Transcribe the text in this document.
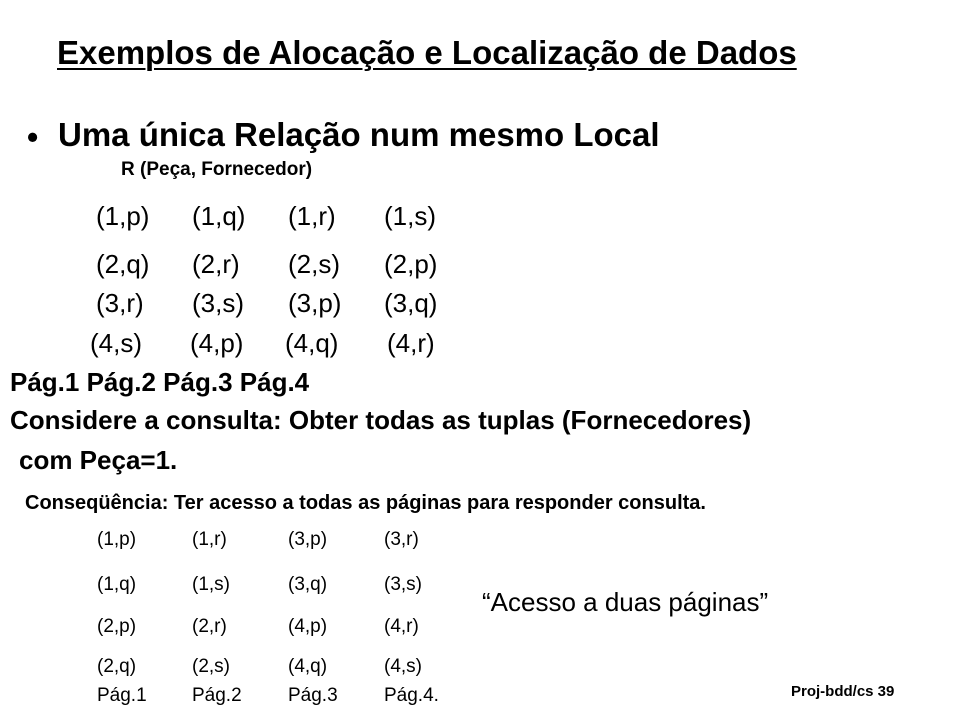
Exemplos de Alocação e Localização de Dados
• Uma única Relação num mesmo Local
R (Peça, Fornecedor)
(1,p) (1,q) (1,r) (1,s)
(2,q) (2,r) (2,s) (2,p)
(3,r) (3,s) (3,p) (3,q)
(4,s) (4,p) (4,q) (4,r)
Pág.1 Pág.2 Pág.3 Pág.4
Considere a consulta: Obter todas as tuplas (Fornecedores)
com Peça=1.
Conseqüência: Ter acesso a todas as páginas para responder consulta.
(1,p)	(1,r)	(3,p)	(3,r)
(1,q)	(1,s)	(3,q)	(3,s)
(2,p)	(2,r)	(4,p)	(4,r)
(2,q)	(2,s)	(4,q)	(4,s)
Pág.1 Pág.2 Pág.3 Pág.4.
“Acesso a duas páginas”
Proj-bdd/cs 39
